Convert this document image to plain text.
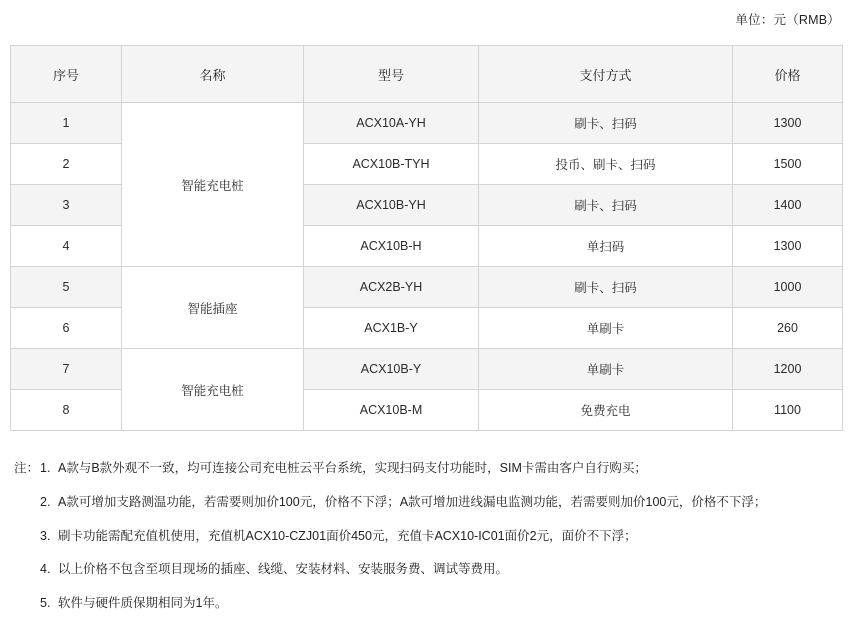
单位：元（RMB）
序号	名称	型号	支付方式	价格
1	智能充电桩	ACX10A-YH	刷卡、扫码	1300
2		ACX10B-TYH	投币、刷卡、扫码	1500
3		ACX10B-YH	刷卡、扫码	1400
4		ACX10B-H	单扫码	1300
5	智能插座	ACX2B-YH	刷卡、扫码	1000
6		ACX1B-Y	单刷卡	260
7	智能充电桩	ACX10B-Y	单刷卡	1200
8		ACX10B-M	免费充电	1100
注： 1. A款与B款外观不一致，均可连接公司充电桩云平台系统，实现扫码支付功能时，SIM卡需由客户自行购买；
2. A款可增加支路测温功能，若需要则加价100元，价格不下浮；A款可增加进线漏电监测功能，若需要则加价100元，价格不下浮；
3. 刷卡功能需配充值机使用，充值机ACX10-CZJ01面价450元，充值卡ACX10-IC01面价2元，面价不下浮；
4. 以上价格不包含至项目现场的插座、线缆、安装材料、安装服务费、调试等费用。
5. 软件与硬件质保期相同为1年。
